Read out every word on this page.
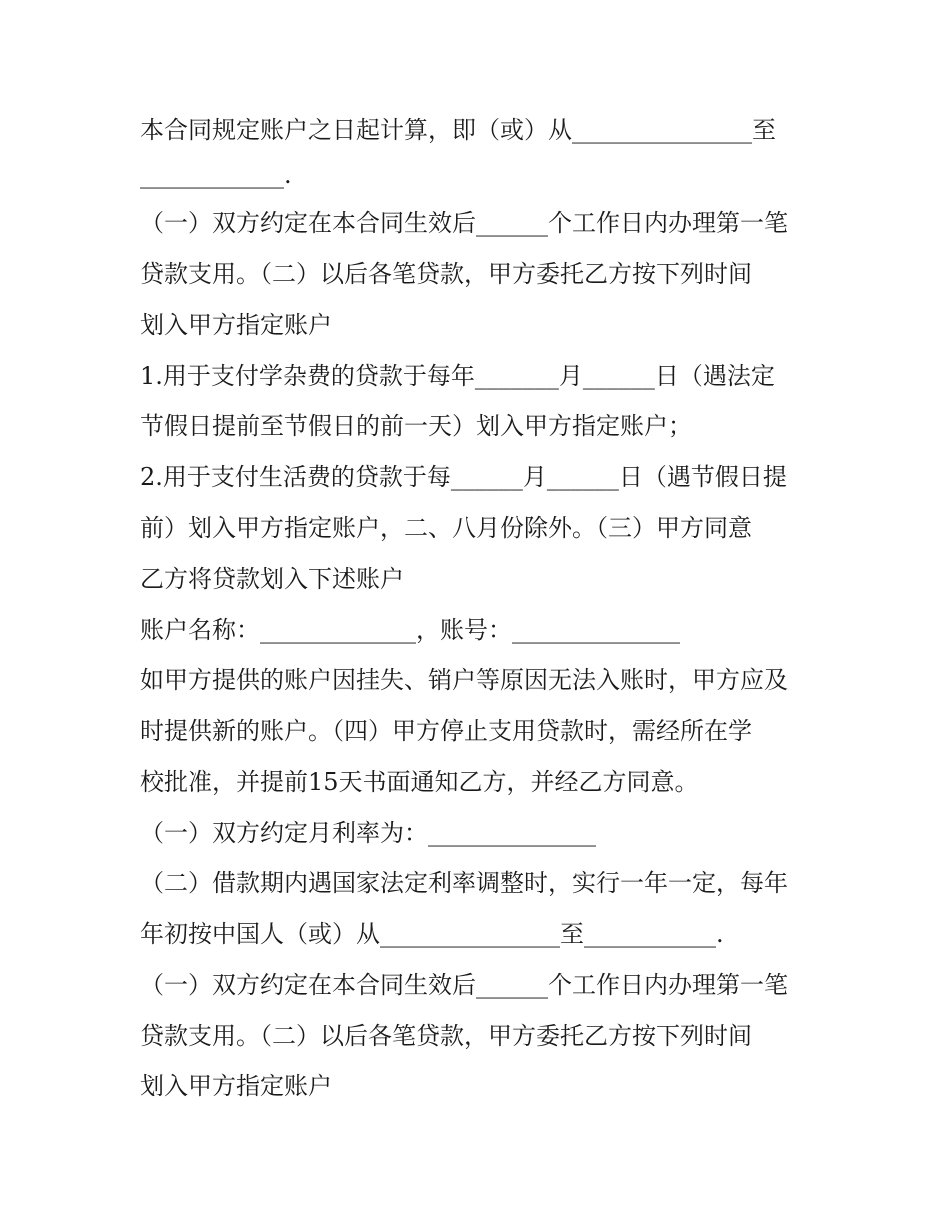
本合同规定账户之日起计算，即（或）从_______________至
____________.
（一）双方约定在本合同生效后______个工作日内办理第一笔
贷款支用。（二）以后各笔贷款，甲方委托乙方按下列时间
划入甲方指定账户
1.用于支付学杂费的贷款于每年_______月______日（遇法定
节假日提前至节假日的前一天）划入甲方指定账户；
2.用于支付生活费的贷款于每______月______日（遇节假日提
前）划入甲方指定账户，二、八月份除外。（三）甲方同意
乙方将贷款划入下述账户
账户名称：_____________，账号：______________
如甲方提供的账户因挂失、销户等原因无法入账时，甲方应及
时提供新的账户。（四）甲方停止支用贷款时，需经所在学
校批准，并提前15天书面通知乙方，并经乙方同意。
（一）双方约定月利率为：______________
（二）借款期内遇国家法定利率调整时，实行一年一定，每年
年初按中国人（或）从_______________至___________.
（一）双方约定在本合同生效后______个工作日内办理第一笔
贷款支用。（二）以后各笔贷款，甲方委托乙方按下列时间
划入甲方指定账户
